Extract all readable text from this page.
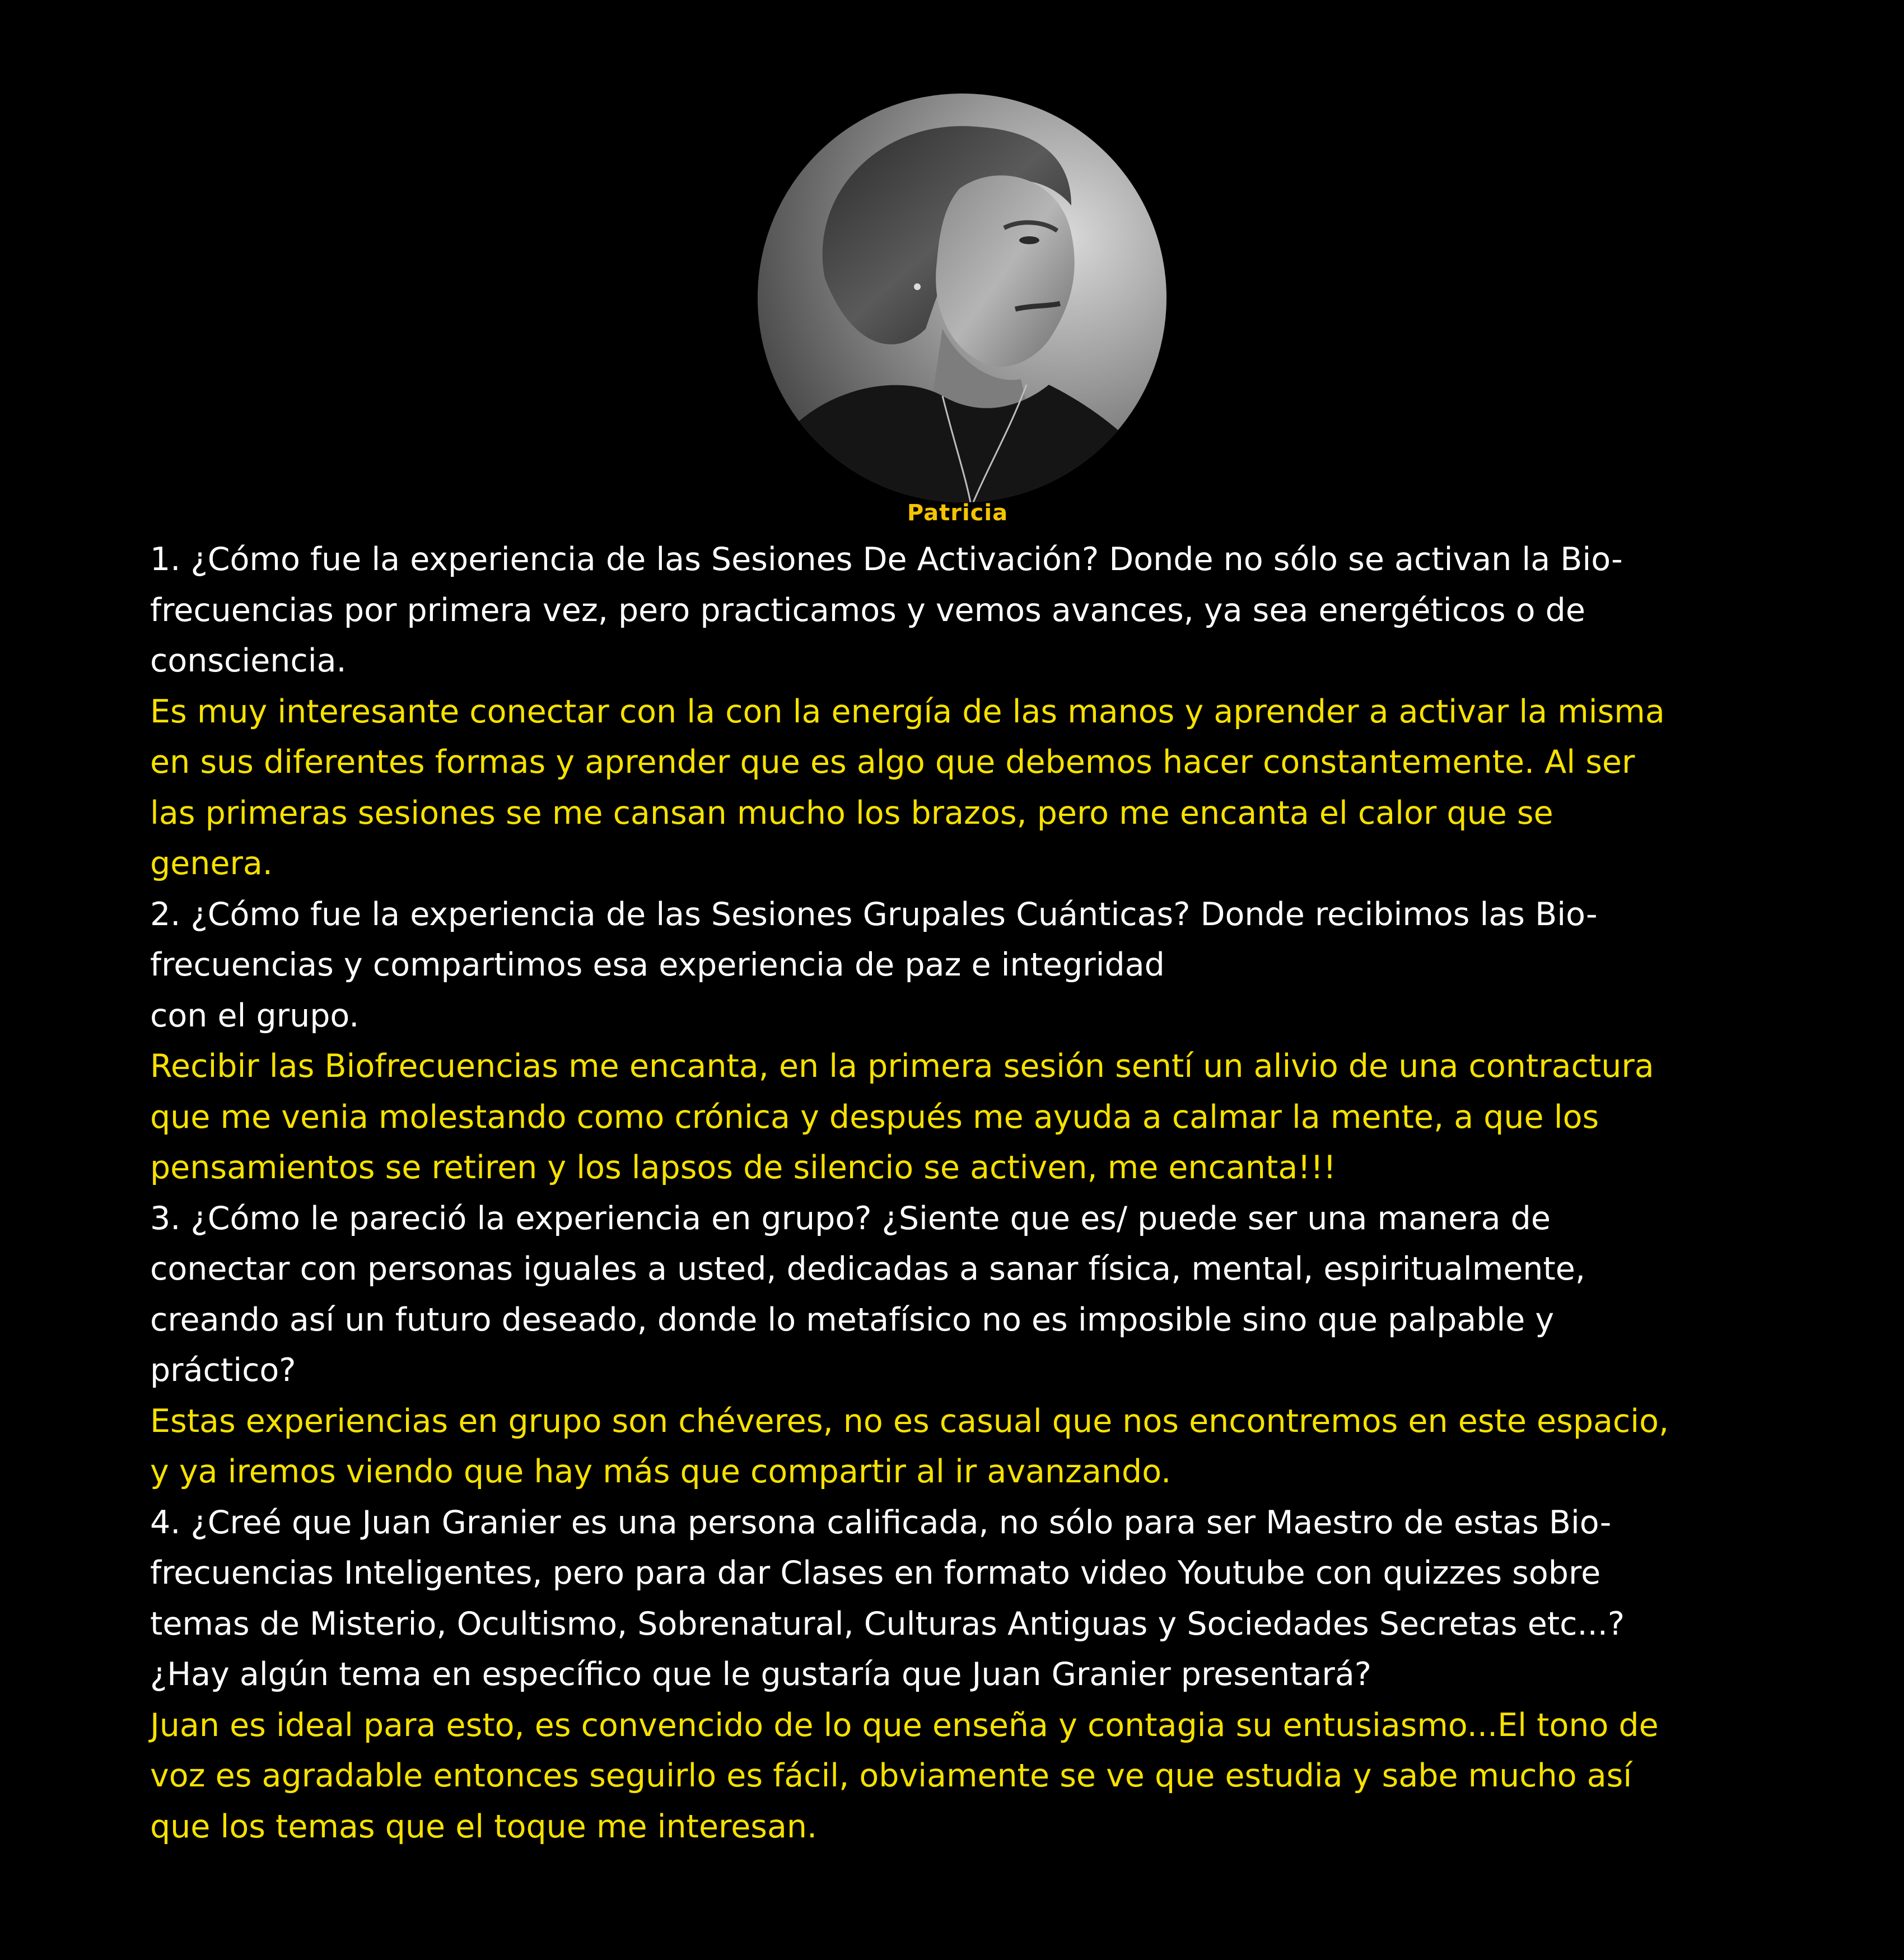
Patricia
1. ¿Cómo fue la experiencia de las Sesiones De Activación? Donde no sólo se activan la Bio-
frecuencias por primera vez, pero practicamos y vemos avances, ya sea energéticos o de
consciencia.
Es muy interesante conectar con la con la energía de las manos y aprender a activar la misma
en sus diferentes formas y aprender que es algo que debemos hacer constantemente. Al ser
las primeras sesiones se me cansan mucho los brazos, pero me encanta el calor que se
genera.
2. ¿Cómo fue la experiencia de las Sesiones Grupales Cuánticas? Donde recibimos las Bio-
frecuencias y compartimos esa experiencia de paz e integridad
con el grupo.
Recibir las Biofrecuencias me encanta, en la primera sesión sentí un alivio de una contractura
que me venia molestando como crónica y después me ayuda a calmar la mente, a que los
pensamientos se retiren y los lapsos de silencio se activen, me encanta!!!
3. ¿Cómo le pareció la experiencia en grupo? ¿Siente que es/ puede ser una manera de
conectar con personas iguales a usted, dedicadas a sanar física, mental, espiritualmente,
creando así un futuro deseado, donde lo metafísico no es imposible sino que palpable y
práctico?
Estas experiencias en grupo son chéveres, no es casual que nos encontremos en este espacio,
y ya iremos viendo que hay más que compartir al ir avanzando.
4. ¿Creé que Juan Granier es una persona calificada, no sólo para ser Maestro de estas Bio-
frecuencias Inteligentes, pero para dar Clases en formato video Youtube con quizzes sobre
temas de Misterio, Ocultismo, Sobrenatural, Culturas Antiguas y Sociedades Secretas etc...?
¿Hay algún tema en específico que le gustaría que Juan Granier presentará?
Juan es ideal para esto, es convencido de lo que enseña y contagia su entusiasmo...El tono de
voz es agradable entonces seguirlo es fácil, obviamente se ve que estudia y sabe mucho así
que los temas que el toque me interesan.
